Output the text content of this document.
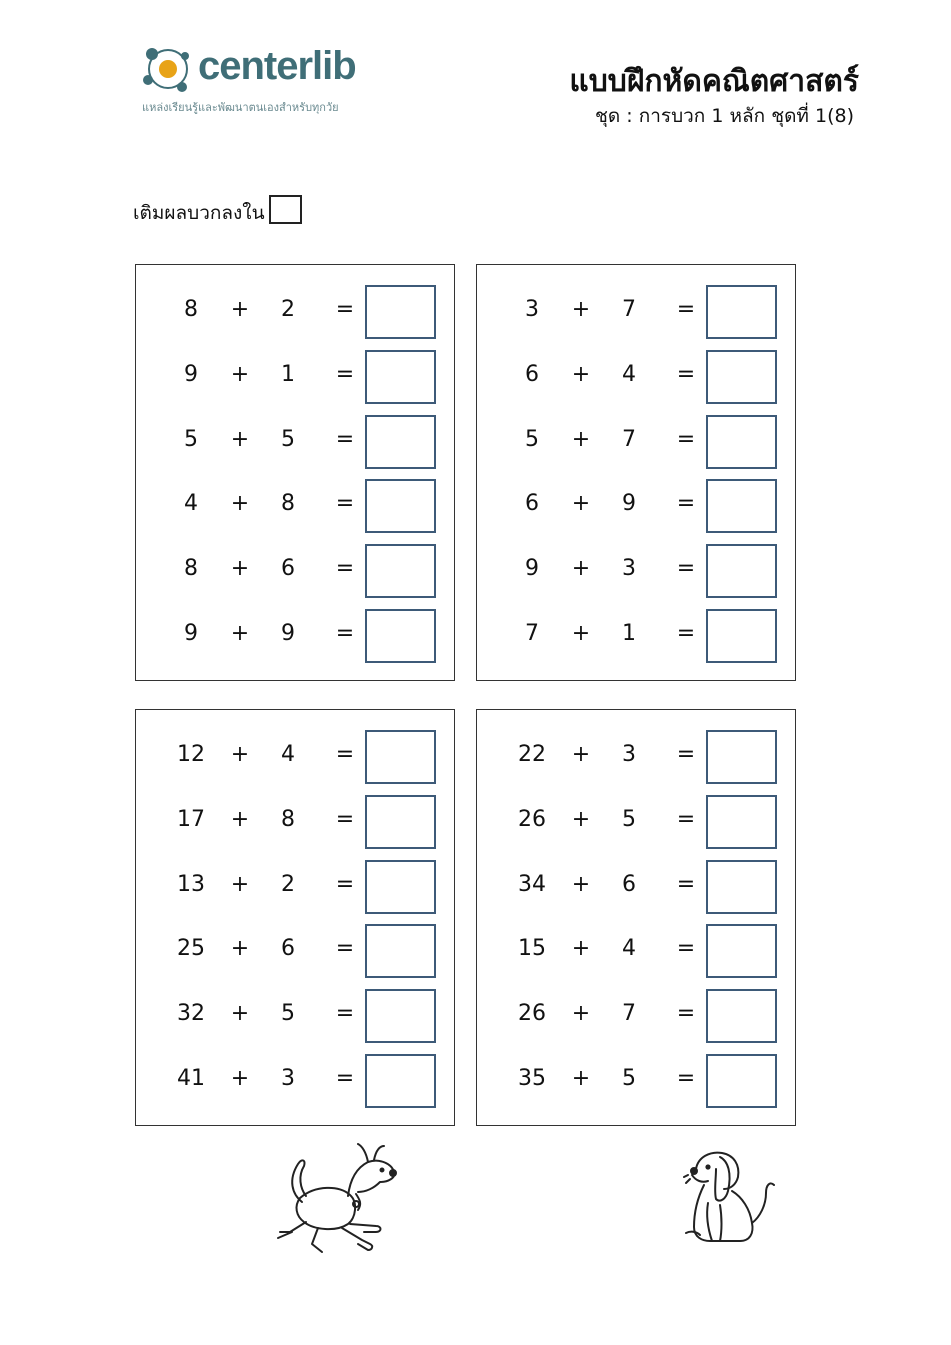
centerlib
แหล่งเรียนรู้และพัฒนาตนเองสำหรับทุกวัย
แบบฝึกหัดคณิตศาสตร์
ชุด : การบวก 1 หลัก ชุดที่ 1(8)
เติมผลบวกลงใน
8	+	2	=
9	+	1	=
5	+	5	=
4	+	8	=
8	+	6	=
9	+	9	=
3	+	7	=
6	+	4	=
5	+	7	=
6	+	9	=
9	+	3	=
7	+	1	=
12	+	4	=
17	+	8	=
13	+	2	=
25	+	6	=
32	+	5	=
41	+	3	=
22	+	3	=
26	+	5	=
34	+	6	=
15	+	4	=
26	+	7	=
35	+	5	=
